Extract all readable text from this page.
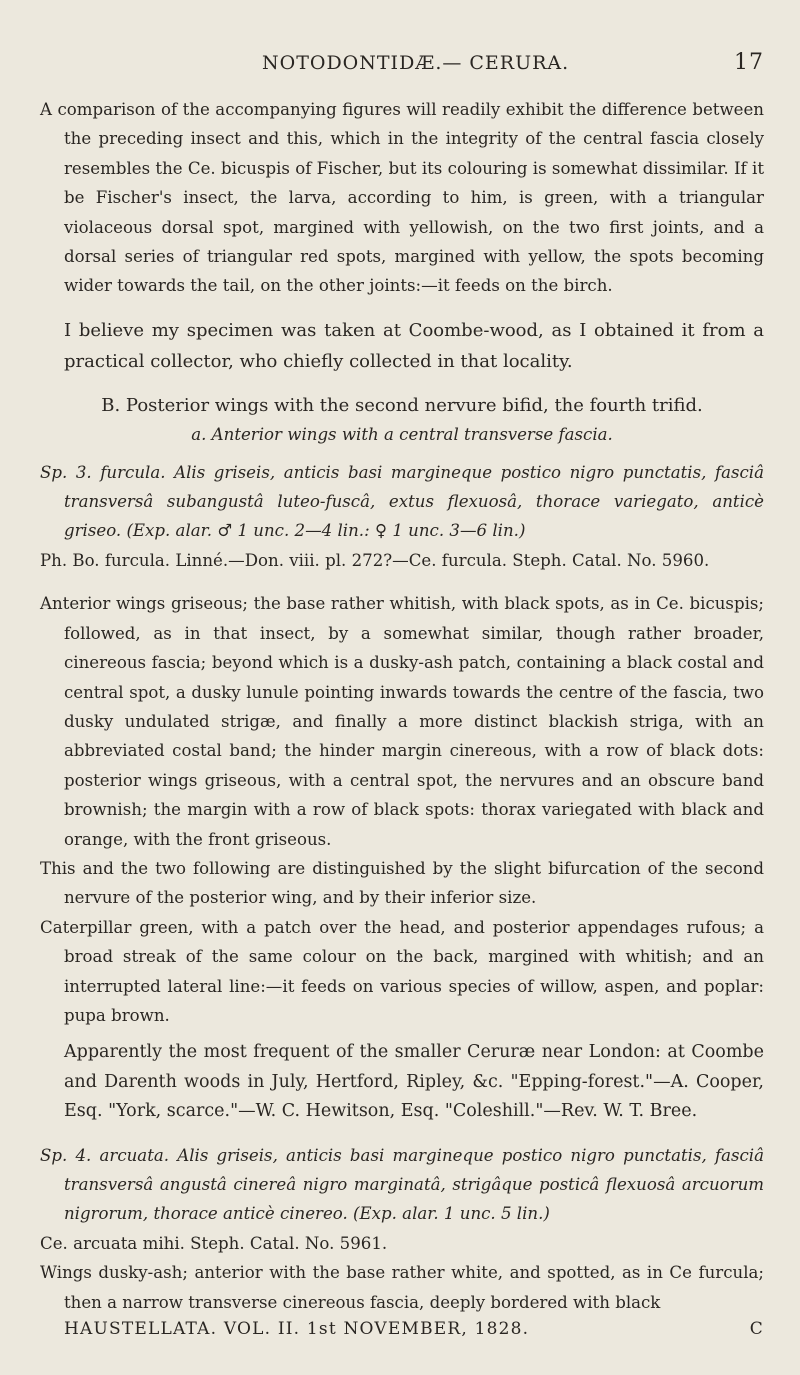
NOTODONTIDÆ.— CERURA.	17

A comparison of the accompanying figures will readily exhibit the difference between the preceding insect and this, which in the integrity of the central fascia closely resembles the Ce. bicuspis of Fischer, but its colouring is somewhat dissimilar. If it be Fischer's insect, the larva, according to him, is green, with a triangular violaceous dorsal spot, margined with yellowish, on the two first joints, and a dorsal series of triangular red spots, margined with yellow, the spots becoming wider towards the tail, on the other joints:—it feeds on the birch.

I believe my specimen was taken at Coombe-wood, as I obtained it from a practical collector, who chiefly collected in that locality.

B. Posterior wings with the second nervure bifid, the fourth trifid.

a. Anterior wings with a central transverse fascia.

Sp. 3. furcula. Alis griseis, anticis basi margineque postico nigro punctatis, fasciâ transversâ subangustâ luteo-fuscâ, extus flexuosâ, thorace variegato, anticè griseo. (Exp. alar. ♂ 1 unc. 2—4 lin.: ♀ 1 unc. 3—6 lin.)

Ph. Bo. furcula. Linné.—Don. viii. pl. 272?—Ce. furcula. Steph. Catal. No. 5960.

Anterior wings griseous; the base rather whitish, with black spots, as in Ce. bicuspis; followed, as in that insect, by a somewhat similar, though rather broader, cinereous fascia; beyond which is a dusky-ash patch, containing a black costal and central spot, a dusky lunule pointing inwards towards the centre of the fascia, two dusky undulated strigæ, and finally a more distinct blackish striga, with an abbreviated costal band; the hinder margin cinereous, with a row of black dots: posterior wings griseous, with a central spot, the nervures and an obscure band brownish; the margin with a row of black spots: thorax variegated with black and orange, with the front griseous.

This and the two following are distinguished by the slight bifurcation of the second nervure of the posterior wing, and by their inferior size.

Caterpillar green, with a patch over the head, and posterior appendages rufous; a broad streak of the same colour on the back, margined with whitish; and an interrupted lateral line:—it feeds on various species of willow, aspen, and poplar: pupa brown.

Apparently the most frequent of the smaller Ceruræ near London: at Coombe and Darenth woods in July, Hertford, Ripley, &c. "Epping-forest."—A. Cooper, Esq. "York, scarce."—W. C. Hewitson, Esq. "Coleshill."—Rev. W. T. Bree.

Sp. 4. arcuata. Alis griseis, anticis basi margineque postico nigro punctatis, fasciâ transversâ angustâ cinereâ nigro marginatâ, strigâque posticâ flexuosâ arcuorum nigrorum, thorace anticè cinereo. (Exp. alar. 1 unc. 5 lin.)

Ce. arcuata mihi. Steph. Catal. No. 5961.

Wings dusky-ash; anterior with the base rather white, and spotted, as in Ce furcula; then a narrow transverse cinereous fascia, deeply bordered with black

HAUSTELLATA. VOL. II. 1st NOVEMBER, 1828.	C
